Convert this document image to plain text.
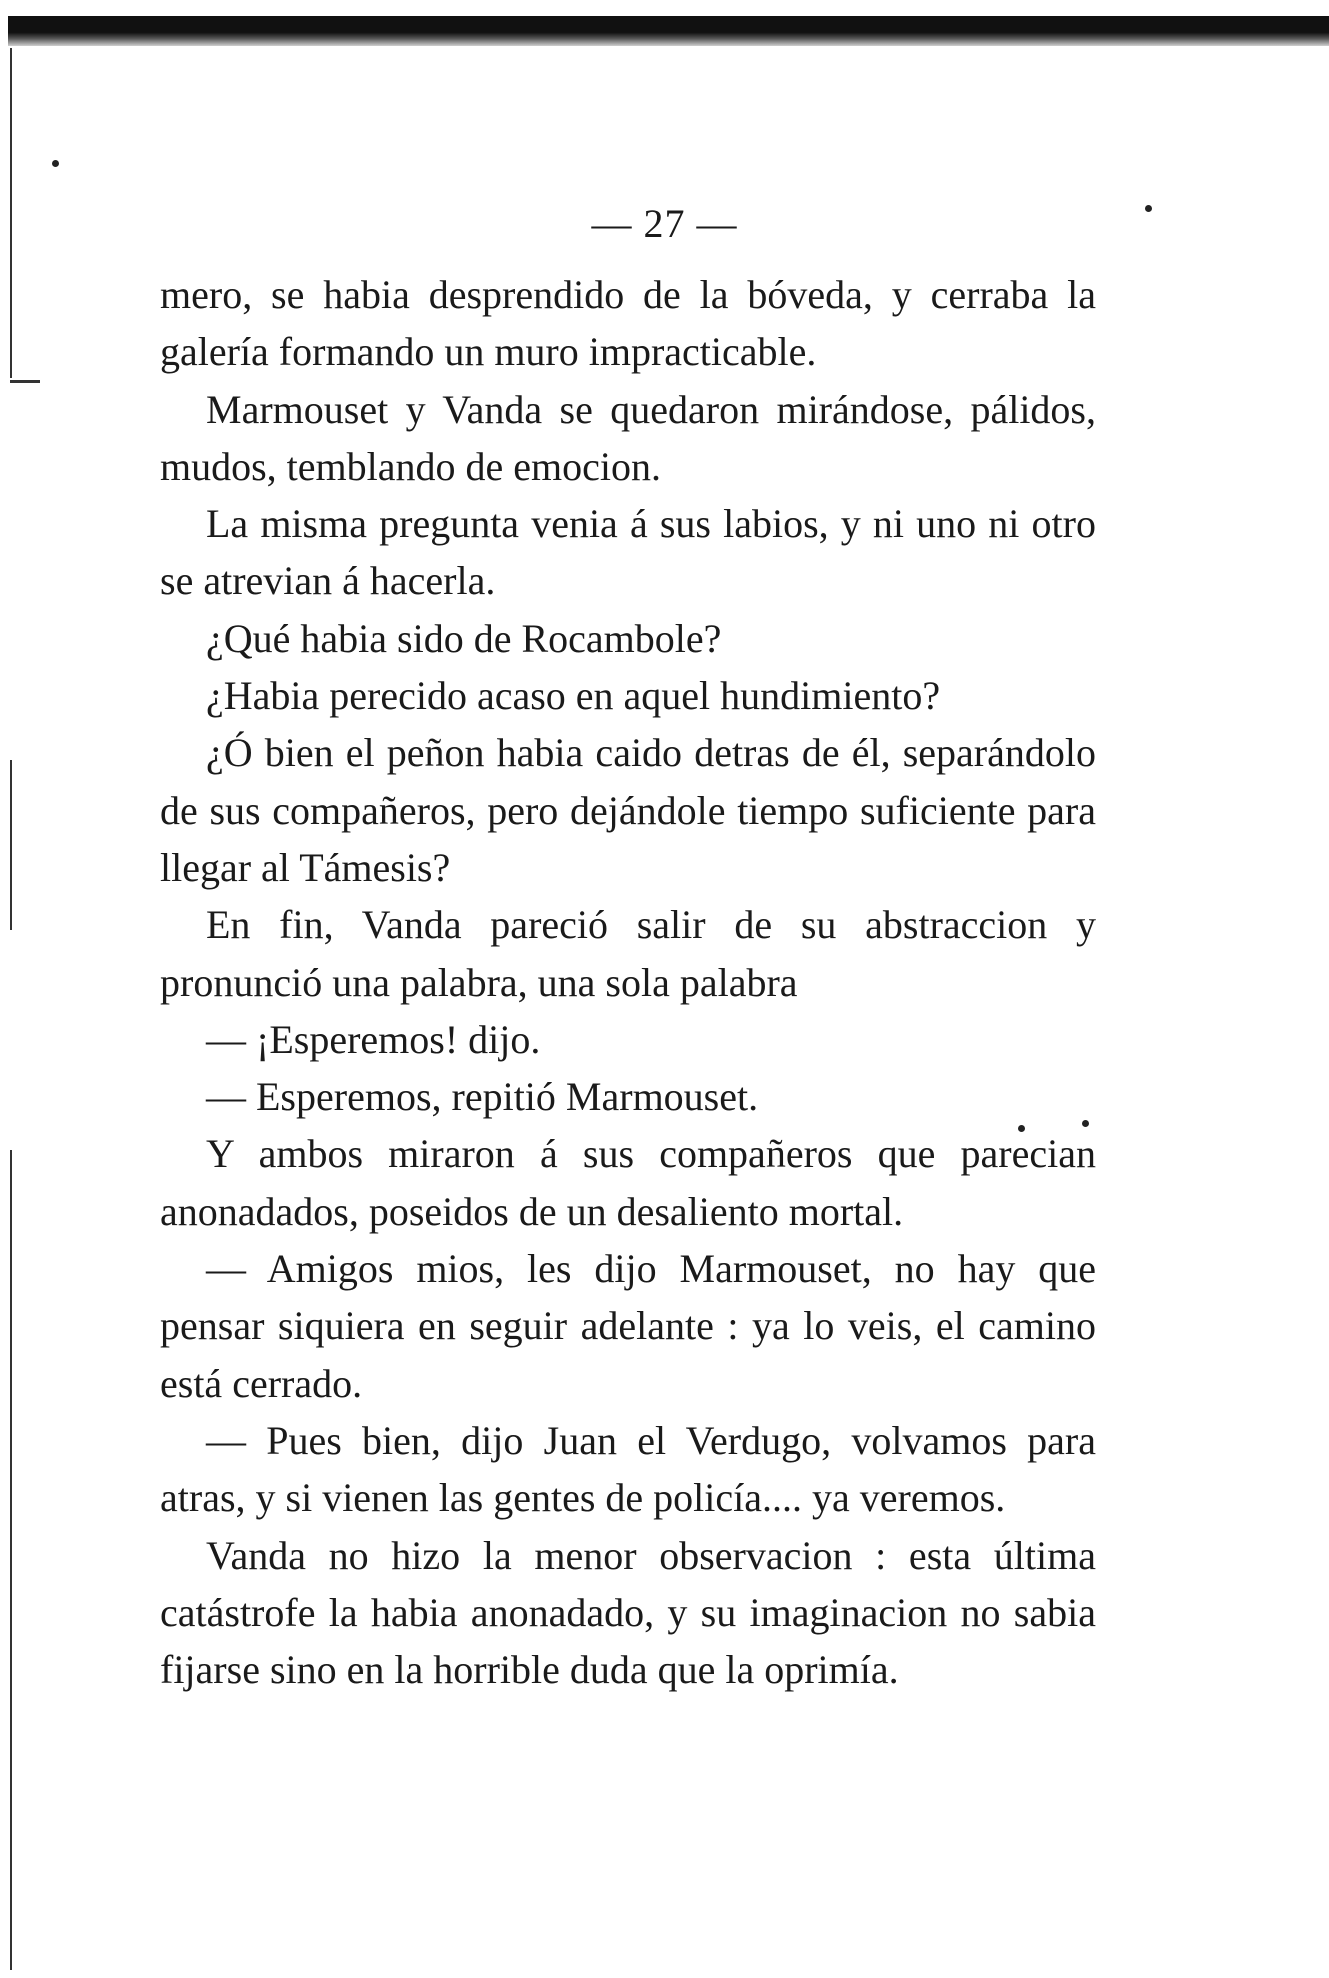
— 27 —

mero, se habia desprendido de la bóveda, y cerraba la galería formando un muro impracticable.

Marmouset y Vanda se quedaron mirándose, pálidos, mudos, temblando de emocion.

La misma pregunta venia á sus labios, y ni uno ni otro se atrevian á hacerla.

¿Qué habia sido de Rocambole?

¿Habia perecido acaso en aquel hundimiento?

¿Ó bien el peñon habia caido detras de él, separándolo de sus compañeros, pero dejándole tiempo suficiente para llegar al Támesis?

En fin, Vanda pareció salir de su abstraccion y pronunció una palabra, una sola palabra

— ¡Esperemos! dijo.

— Esperemos, repitió Marmouset.

Y ambos miraron á sus compañeros que parecian anonadados, poseidos de un desaliento mortal.

— Amigos mios, les dijo Marmouset, no hay que pensar siquiera en seguir adelante : ya lo veis, el camino está cerrado.

— Pues bien, dijo Juan el Verdugo, volvamos para atras, y si vienen las gentes de policía.... ya veremos.

Vanda no hizo la menor observacion : esta última catástrofe la habia anonadado, y su imaginacion no sabia fijarse sino en la horrible duda que la oprimía.
